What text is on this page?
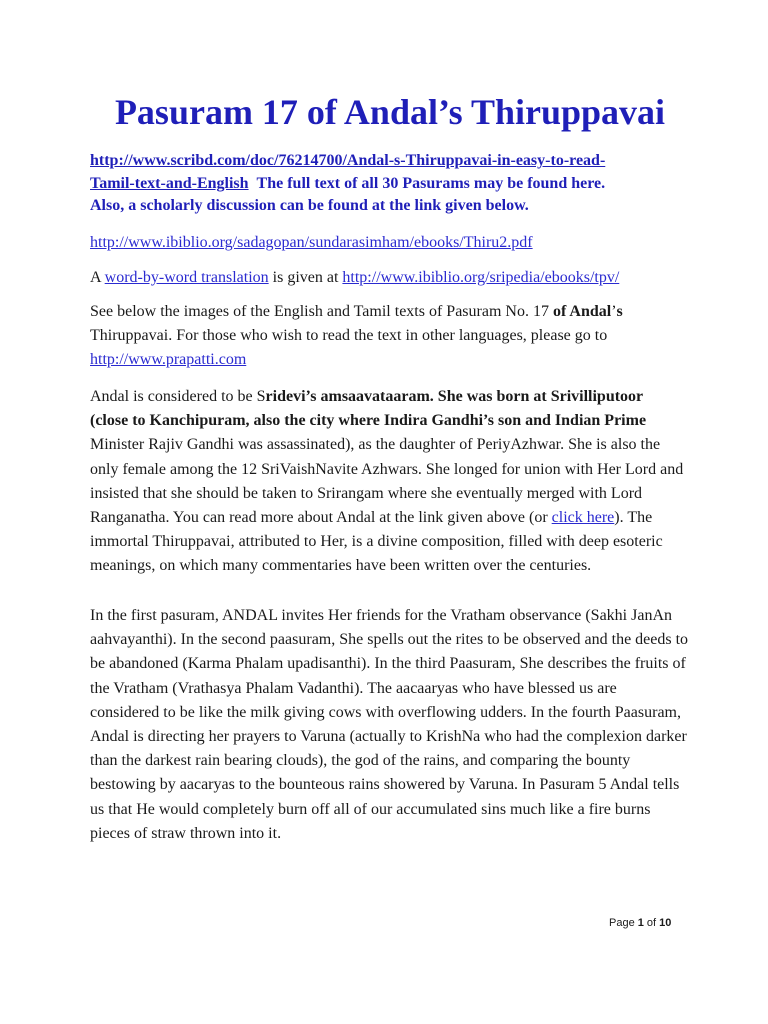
Pasuram 17 of Andal’s Thiruppavai
http://www.scribd.com/doc/76214700/Andal-s-Thiruppavai-in-easy-to-read-
Tamil-text-and-English The full text of all 30 Pasurams may be found here.
Also, a scholarly discussion can be found at the link given below.
http://www.ibiblio.org/sadagopan/sundarasimham/ebooks/Thiru2.pdf
A word-by-word translation is given at http://www.ibiblio.org/sripedia/ebooks/tpv/
See below the images of the English and Tamil texts of Pasuram No. 17 of Andal’s
Thiruppavai. For those who wish to read the text in other languages, please go to
http://www.prapatti.com
Andal is considered to be Sridevi’s amsaavataaram. She was born at Srivilliputoor
(close to Kanchipuram, also the city where Indira Gandhi’s son and Indian Prime
Minister Rajiv Gandhi was assassinated), as the daughter of PeriyAzhwar. She is also the only female among the 12 SriVaishNavite Azhwars. She longed for union with Her Lord and insisted that she should be taken to Srirangam where she eventually merged with Lord Ranganatha. You can read more about Andal at the link given above (or click here). The immortal Thiruppavai, attributed to Her, is a divine composition, filled with deep esoteric meanings, on which many commentaries have been written over the centuries.
In the first pasuram, ANDAL invites Her friends for the Vratham observance (Sakhi JanAn aahvayanthi). In the second paasuram, She spells out the rites to be observed and the deeds to be abandoned (Karma Phalam upadisanthi). In the third Paasuram, She describes the fruits of the Vratham (Vrathasya Phalam Vadanthi). The aacaaryas who have blessed us are considered to be like the milk giving cows with overflowing udders. In the fourth Paasuram, Andal is directing her prayers to Varuna (actually to KrishNa who had the complexion darker than the darkest rain bearing clouds), the god of the rains, and comparing the bounty bestowing by aacaryas to the bounteous rains showered by Varuna. In Pasuram 5 Andal tells us that He would completely burn off all of our accumulated sins much like a fire burns pieces of straw thrown into it.
Page 1 of 10
